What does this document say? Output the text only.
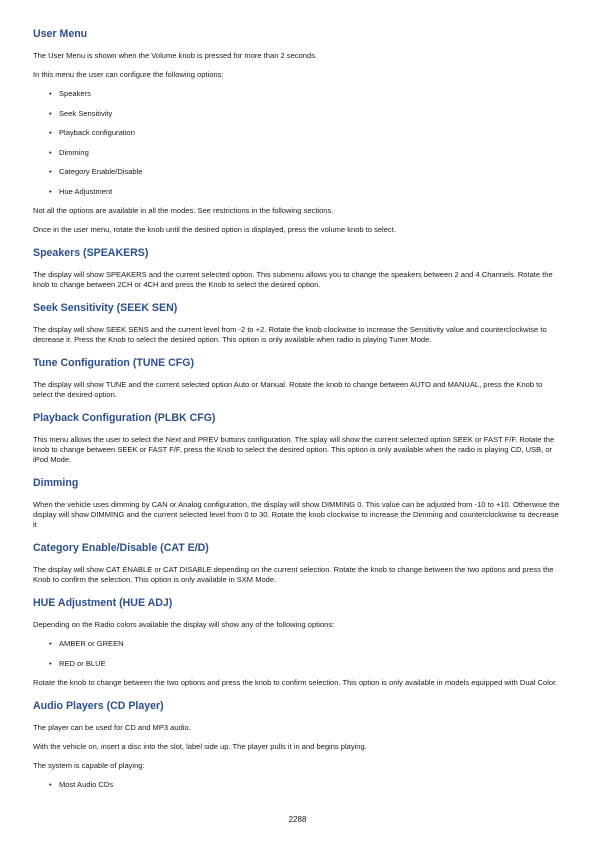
User Menu

The User Menu is shown when the Volume knob is pressed for more than 2 seconds.

In this menu the user can configure the following options:

• Speakers
• Seek Sensitivity
• Playback configuration
• Dimming
• Category Enable/Disable
• Hue Adjustment

Not all the options are available in all the modes. See restrictions in the following sections.

Once in the user menu, rotate the knob until the desired option is displayed, press the volume knob to select.

Speakers (SPEAKERS)

The display will show SPEAKERS and the current selected option. This submenu allows you to change the speakers between 2 and 4 Channels. Rotate the knob to change between 2CH or 4CH and press the Knob to select the desired option.

Seek Sensitivity (SEEK SEN)

The display will show SEEK SENS and the current level from -2 to +2. Rotate the knob clockwise to increase the Sensitivity value and counterclockwise to decrease it. Press the Knob to select the desired option. This option is only available when radio is playing Tuner Mode.

Tune Configuration (TUNE CFG)

The display will show TUNE and the current selected option Auto or Manual. Rotate the knob to change between AUTO and MANUAL, press the Knob to select the desired option.

Playback Configuration (PLBK CFG)

This menu allows the user to select the Next and PREV buttons configuration. The splay will show the current selected option SEEK or FAST F/F. Rotate the knob to change between SEEK or FAST F/F, press the Knob to select the desired option. This option is only available when the radio is playing CD, USB, or iPod Mode.

Dimming

When the vehicle uses dimming by CAN or Analog configuration, the display will show DIMMING 0. This value can be adjusted from -10 to +10. Otherwise the display will show DIMMING and the current selected level from 0 to 30. Rotate the knob clockwise to increase the Dimming and counterclockwise to decrease it

Category Enable/Disable (CAT E/D)

The display will show CAT ENABLE or CAT DISABLE depending on the current selection. Rotate the knob to change between the two options and press the Knob to confirm the selection. This option is only available in SXM Mode.

HUE Adjustment (HUE ADJ)

Depending on the Radio colors available the display will show any of the following options:

• AMBER or GREEN
• RED or BLUE

Rotate the knob to change between the two options and press the knob to confirm selection. This option is only available in models equipped with Dual Color.

Audio Players (CD Player)

The player can be used for CD and MP3 audio.

With the vehicle on, insert a disc into the slot, label side up. The player pulls it in and begins playing.

The system is capable of playing:

• Most Audio CDs
2288
